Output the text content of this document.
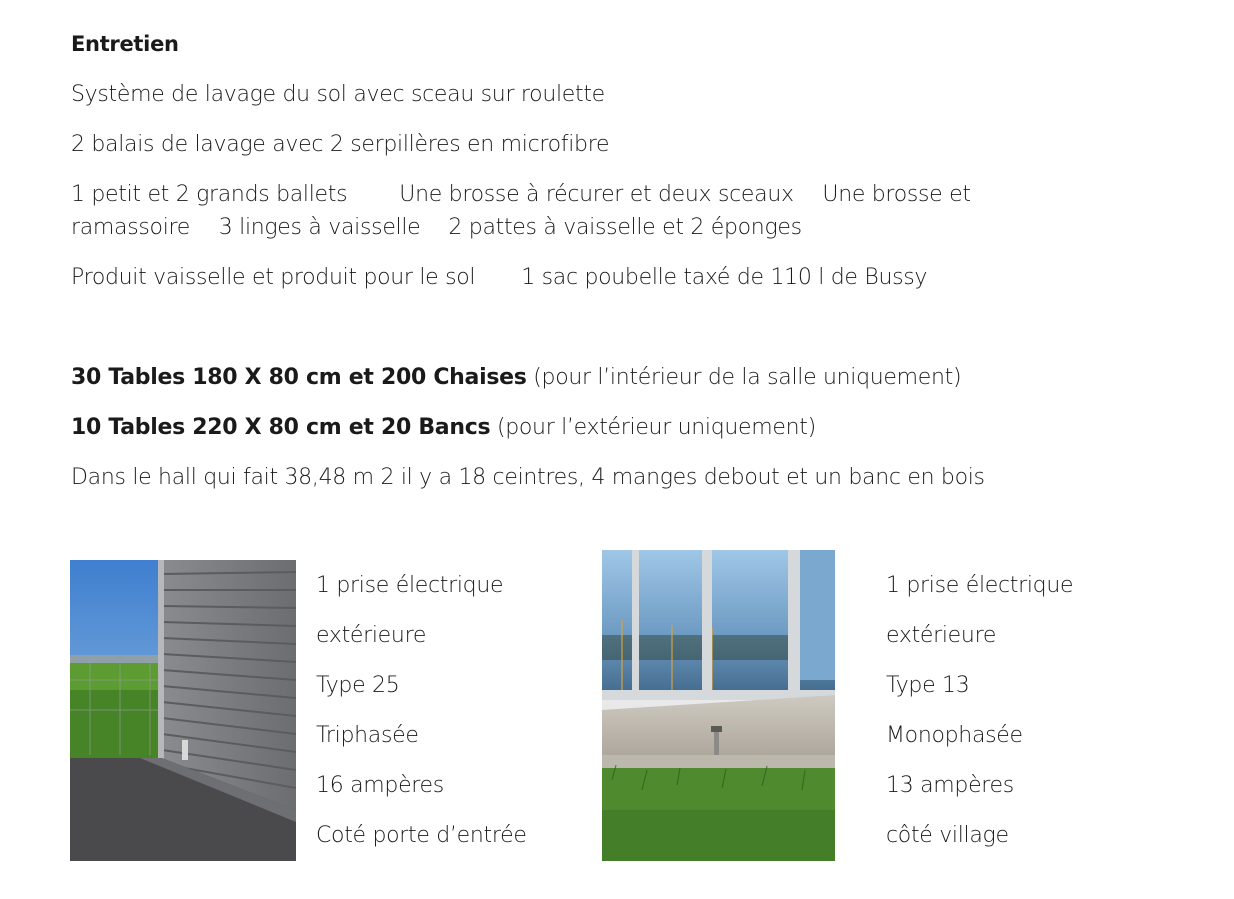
Entretien

Système de lavage du sol avec sceau sur roulette

2 balais de lavage avec 2 serpillères en microfibre

1 petit et 2 grands ballets Une brosse à récurer et deux sceaux Une brosse et ramassoire 3 linges à vaisselle 2 pattes à vaisselle et 2 éponges

Produit vaisselle et produit pour le sol 1 sac poubelle taxé de 110 l de Bussy

30 Tables 180 X 80 cm et 200 Chaises (pour l’intérieur de la salle uniquement)

10 Tables 220 X 80 cm et 20 Bancs (pour l’extérieur uniquement)

Dans le hall qui fait 38,48 m 2 il y a 18 ceintres, 4 manges debout et un banc en bois

1 prise électrique
extérieure
Type 25
Triphasée
16 ampères
Coté porte d’entrée
1 prise électrique
extérieure
Type 13
Monophasée
13 ampères
côté village
